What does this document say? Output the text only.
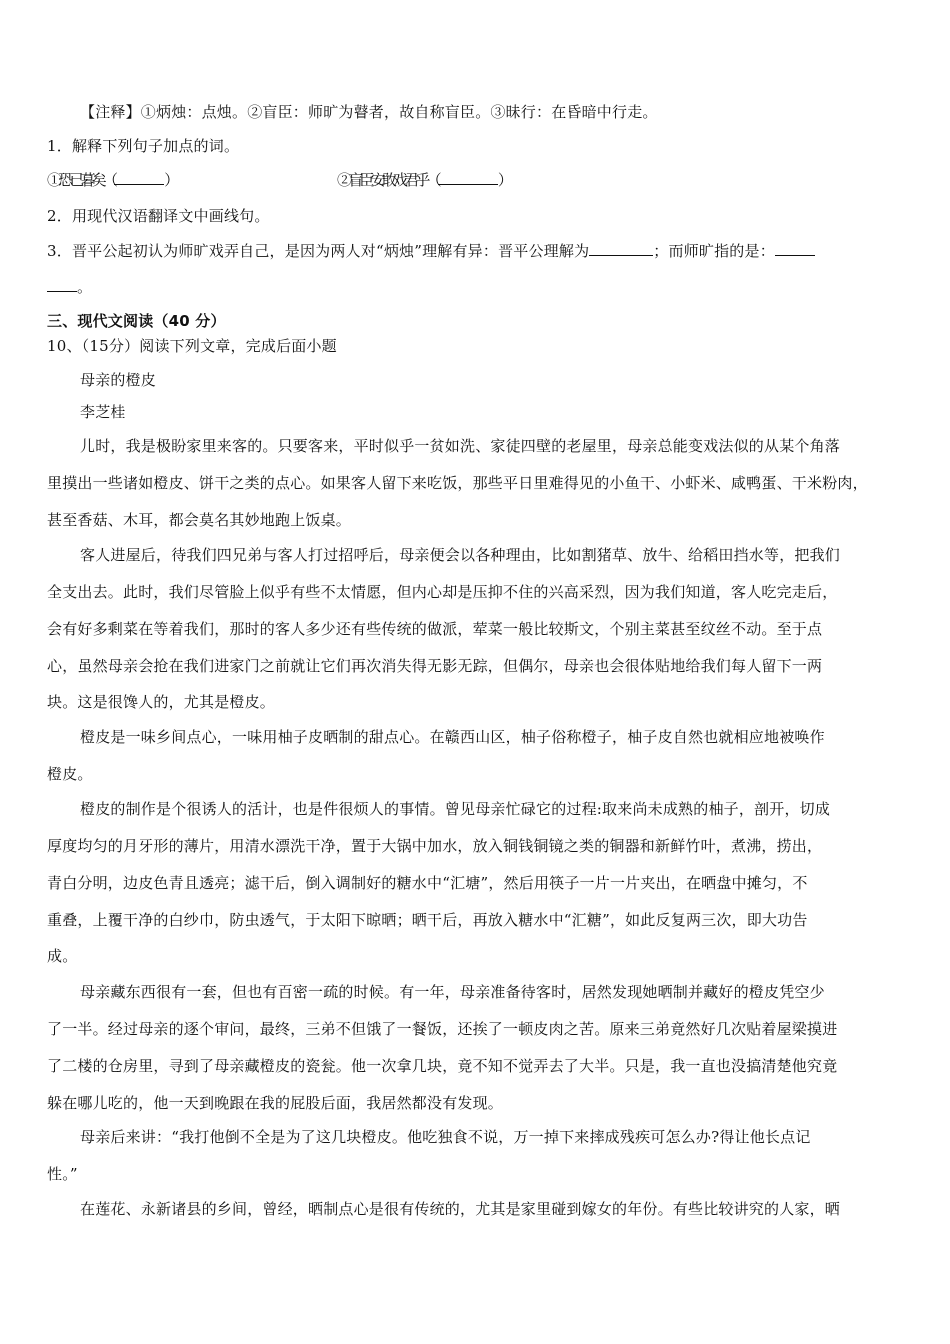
【注释】①炳烛：点烛。②盲臣：师旷为瞽者，故自称盲臣。③昧行：在昏暗中行走。
1．解释下列句子加点的词。
①恐已暮矣（	）	②盲臣安敢戏君乎（	）
2．用现代汉语翻译文中画线句。
3．晋平公起初认为师旷戏弄自己，是因为两人对“炳烛”理解有异：晋平公理解为	；而师旷指的是：
。
三、现代文阅读（40 分）
10、（15分）阅读下列文章，完成后面小题
母亲的橙皮
李芝桂
儿时，我是极盼家里来客的。只要客来，平时似乎一贫如洗、家徒四壁的老屋里，母亲总能变戏法似的从某个角落
里摸出一些诸如橙皮、饼干之类的点心。如果客人留下来吃饭，那些平日里难得见的小鱼干、小虾米、咸鸭蛋、干米粉肉，
甚至香菇、木耳，都会莫名其妙地跑上饭桌。
客人进屋后，待我们四兄弟与客人打过招呼后，母亲便会以各种理由，比如割猪草、放牛、给稻田挡水等，把我们
全支出去。此时，我们尽管脸上似乎有些不太情愿，但内心却是压抑不住的兴高采烈，因为我们知道，客人吃完走后，
会有好多剩菜在等着我们，那时的客人多少还有些传统的做派，荤菜一般比较斯文，个别主菜甚至纹丝不动。至于点
心，虽然母亲会抢在我们进家门之前就让它们再次消失得无影无踪，但偶尔，母亲也会很体贴地给我们每人留下一两
块。这是很馋人的，尤其是橙皮。
橙皮是一味乡间点心，一味用柚子皮晒制的甜点心。在赣西山区，柚子俗称橙子，柚子皮自然也就相应地被唤作
橙皮。
橙皮的制作是个很诱人的活计，也是件很烦人的事情。曾见母亲忙碌它的过程:取来尚未成熟的柚子，剖开，切成
厚度均匀的月牙形的薄片，用清水漂洗干净，置于大锅中加水，放入铜钱铜镜之类的铜器和新鲜竹叶，煮沸，捞出，
青白分明，边皮色青且透亮；滤干后，倒入调制好的糖水中“汇塘”，然后用筷子一片一片夹出，在晒盘中摊匀，不
重叠，上覆干净的白纱巾，防虫透气，于太阳下晾晒；晒干后，再放入糖水中“汇糖”，如此反复两三次，即大功告
成。
母亲藏东西很有一套，但也有百密一疏的时候。有一年，母亲准备待客时，居然发现她晒制并藏好的橙皮凭空少
了一半。经过母亲的逐个审问，最终，三弟不但饿了一餐饭，还挨了一顿皮肉之苦。原来三弟竟然好几次贴着屋梁摸进
了二楼的仓房里，寻到了母亲藏橙皮的瓷瓮。他一次拿几块，竟不知不觉弄去了大半。只是，我一直也没搞清楚他究竟
躲在哪儿吃的，他一天到晚跟在我的屁股后面，我居然都没有发现。
母亲后来讲：“我打他倒不全是为了这几块橙皮。他吃独食不说，万一掉下来摔成残疾可怎么办?得让他长点记
性。”
在莲花、永新诸县的乡间，曾经，晒制点心是很有传统的，尤其是家里碰到嫁女的年份。有些比较讲究的人家，晒
